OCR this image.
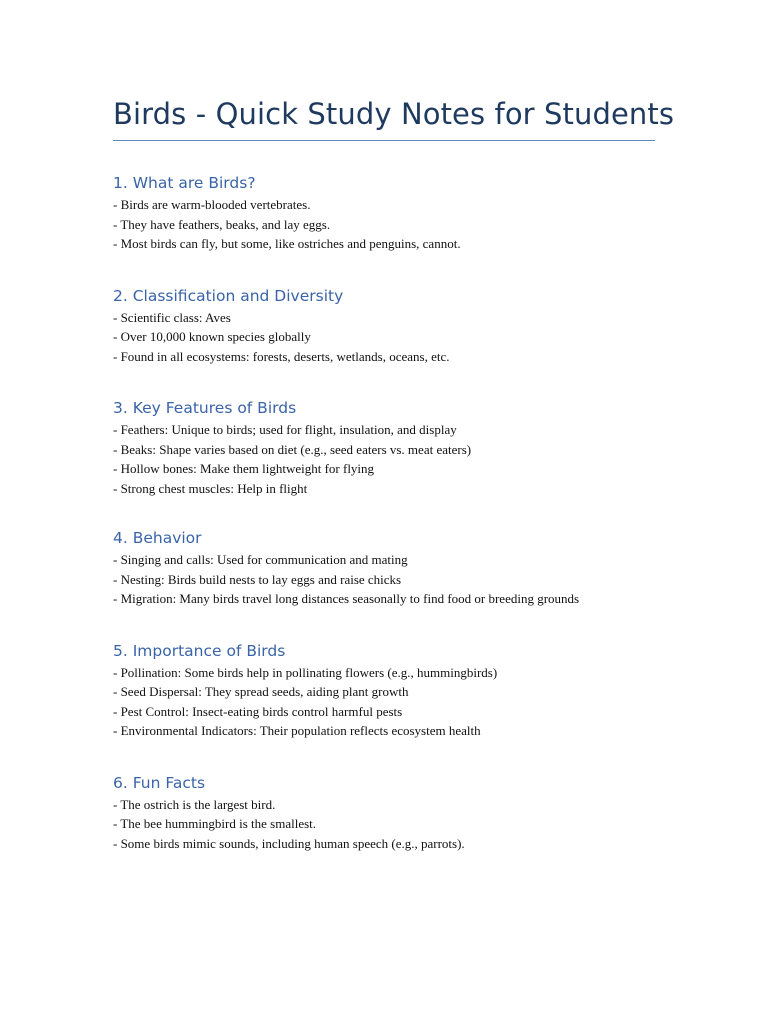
Birds - Quick Study Notes for Students
1. What are Birds?
- Birds are warm-blooded vertebrates.
- They have feathers, beaks, and lay eggs.
- Most birds can fly, but some, like ostriches and penguins, cannot.
2. Classification and Diversity
- Scientific class: Aves
- Over 10,000 known species globally
- Found in all ecosystems: forests, deserts, wetlands, oceans, etc.
3. Key Features of Birds
- Feathers: Unique to birds; used for flight, insulation, and display
- Beaks: Shape varies based on diet (e.g., seed eaters vs. meat eaters)
- Hollow bones: Make them lightweight for flying
- Strong chest muscles: Help in flight
4. Behavior
- Singing and calls: Used for communication and mating
- Nesting: Birds build nests to lay eggs and raise chicks
- Migration: Many birds travel long distances seasonally to find food or breeding grounds
5. Importance of Birds
- Pollination: Some birds help in pollinating flowers (e.g., hummingbirds)
- Seed Dispersal: They spread seeds, aiding plant growth
- Pest Control: Insect-eating birds control harmful pests
- Environmental Indicators: Their population reflects ecosystem health
6. Fun Facts
- The ostrich is the largest bird.
- The bee hummingbird is the smallest.
- Some birds mimic sounds, including human speech (e.g., parrots).
